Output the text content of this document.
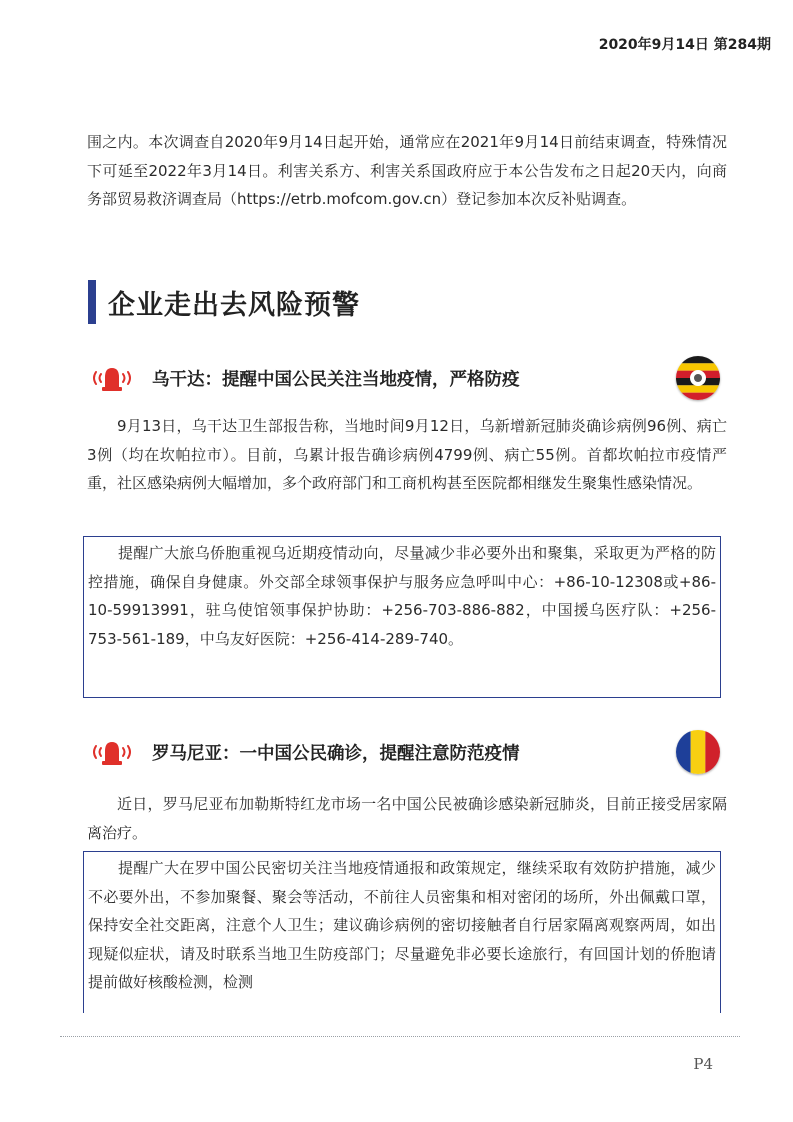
2020年9月14日 第284期

围之内。本次调查自2020年9月14日起开始，通常应在2021年9月14日前结束调查，特殊情况下可延至2022年3月14日。利害关系方、利害关系国政府应于本公告发布之日起20天内，向商务部贸易救济调查局（https://etrb.mofcom.gov.cn）登记参加本次反补贴调查。

企业走出去风险预警
乌干达：提醒中国公民关注当地疫情，严格防疫

9月13日，乌干达卫生部报告称，当地时间9月12日，乌新增新冠肺炎确诊病例96例、病亡3例（均在坎帕拉市）。目前，乌累计报告确诊病例4799例、病亡55例。首都坎帕拉市疫情严重，社区感染病例大幅增加，多个政府部门和工商机构甚至医院都相继发生聚集性感染情况。

提醒广大旅乌侨胞重视乌近期疫情动向，尽量减少非必要外出和聚集，采取更为严格的防控措施，确保自身健康。外交部全球领事保护与服务应急呼叫中心：+86-10-12308或+86-10-59913991，驻乌使馆领事保护协助：+256-703-886-882，中国援乌医疗队：+256-753-561-189，中乌友好医院：+256-414-289-740。

罗马尼亚：一中国公民确诊，提醒注意防范疫情

近日，罗马尼亚布加勒斯特红龙市场一名中国公民被确诊感染新冠肺炎，目前正接受居家隔离治疗。

提醒广大在罗中国公民密切关注当地疫情通报和政策规定，继续采取有效防护措施，减少不必要外出，不参加聚餐、聚会等活动，不前往人员密集和相对密闭的场所，外出佩戴口罩，保持安全社交距离，注意个人卫生；建议确诊病例的密切接触者自行居家隔离观察两周，如出现疑似症状，请及时联系当地卫生防疫部门；尽量避免非必要长途旅行，有回国计划的侨胞请提前做好核酸检测，检测

P4
